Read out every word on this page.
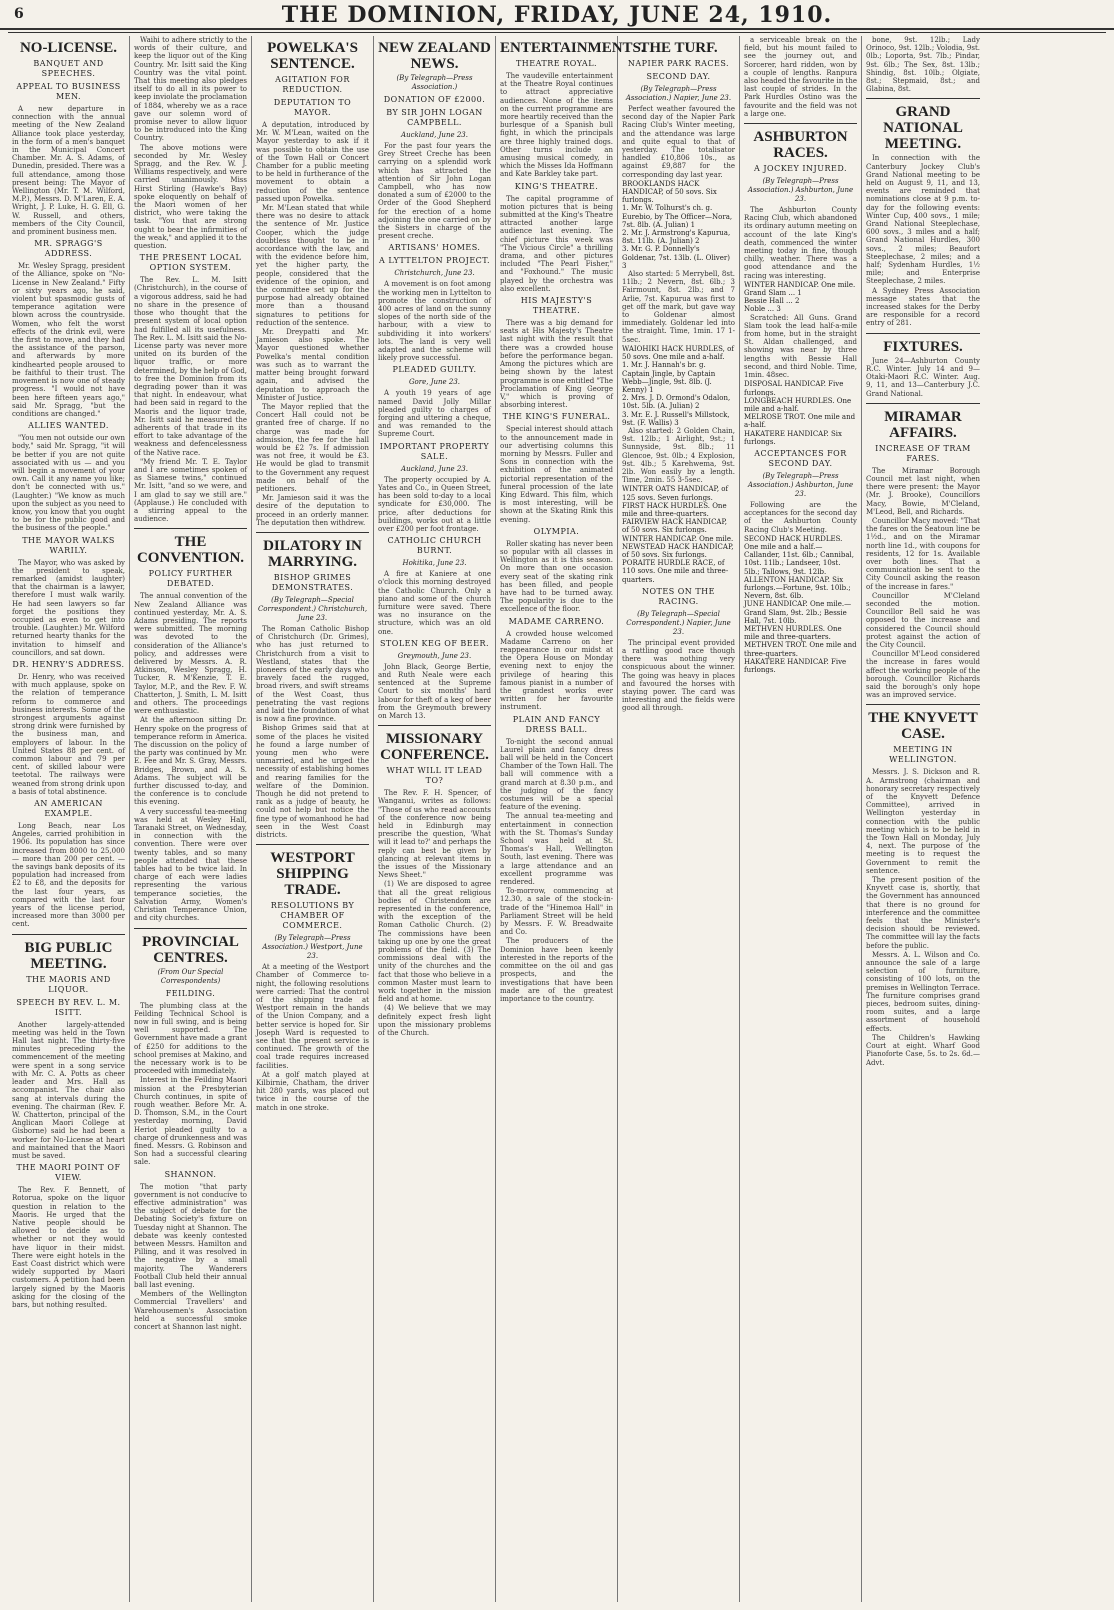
6	THE DOMINION, FRIDAY, JUNE 24, 1910.
NO-LICENSE.
BANQUET AND SPEECHES.
APPEAL TO BUSINESS MEN.

A new departure in connection with the annual meeting of the New Zealand Alliance took place yesterday, in the form of a men's banquet in the Municipal Concert Chamber. Mr. A. S. Adams, of Dunedin, presided. There was a full attendance, among those present being: The Mayor of Wellington (Mr. T. M. Wilford, M.P.), Messrs. D. M'Laren, E. A. Wright, J. P. Luke, H. G. Ell, G. W. Russell, and others, members of the City Council, and prominent business men.

MR. SPRAGG'S ADDRESS.

Mr. Wesley Spragg, president of the Alliance, spoke on "No-License in New Zealand." Fifty or sixty years ago, he said, violent but spasmodic gusts of temperance agitation were blown across the countryside. Women, who felt the worst effects of the drink evil, were the first to move, and they had the assistance of the parson, and afterwards by more kindhearted people aroused to be faithful to their trust. The movement is now one of steady progress. "I would not have been here fifteen years ago," said Mr. Spragg, "but the conditions are changed."

ALLIES WANTED.

"You men not outside our own body," said Mr. Spragg, "it will be better if you are not quite associated with us — and you will begin a movement of your own. Call it any name you like; don't be connected with us." (Laughter.) "We know as much upon the subject as you need to know, you know that you ought to be for the public good and the business of the people."

THE MAYOR WALKS WARILY.

The Mayor, who was asked by the president to speak, remarked (amidst laughter) that the chairman is a lawyer, therefore I must walk warily. He had seen lawyers so far forget the positions they occupied as even to get into trouble. (Laughter.) Mr. Wilford returned hearty thanks for the invitation to himself and councillors, and sat down.

DR. HENRY'S ADDRESS.

Dr. Henry, who was received with much applause, spoke on the relation of temperance reform to commerce and business interests. Some of the strongest arguments against strong drink were furnished by the business man, and employers of labour. In the United States 88 per cent. of common labour and 79 per cent. of skilled labour were teetotal. The railways were weaned from strong drink upon a basis of total abstinence.

AN AMERICAN EXAMPLE.

Long Beach, near Los Angeles, carried prohibition in 1906. Its population has since increased from 8000 to 25,000 — more than 200 per cent. — the savings bank deposits of its population had increased from £2 to £8, and the deposits for the last four years, as compared with the last four years of the license period, increased more than 3000 per cent.

BIG PUBLIC MEETING.
THE MAORIS AND LIQUOR.
SPEECH BY REV. L. M. ISITT.

Another largely-attended meeting was held in the Town Hall last night. The thirty-five minutes preceding the commencement of the meeting were spent in a song service with Mr. C. A. Potts as cheer leader and Mrs. Hall as accompanist. The chair also sang at intervals during the evening. The chairman (Rev. F. W. Chatterton, principal of the Anglican Maori College at Gisborne) said he had been a worker for No-License at heart and maintained that the Maori must be saved.

THE MAORI POINT OF VIEW.

The Rev. F. Bennett, of Rotorua, spoke on the liquor question in relation to the Maoris. He urged that the Native people should be allowed to decide as to whether or not they would have liquor in their midst. There were eight hotels in the East Coast district which were widely supported by Maori customers. A petition had been largely signed by the Maoris asking for the closing of the bars, but nothing resulted.

Waihi to adhere strictly to the words of their culture, and keep the liquor out of the King Country. Mr. Isitt said the King Country was the vital point. That this meeting also pledges itself to do all in its power to keep inviolate the proclamation of 1884, whereby we as a race gave our solemn word of promise never to allow liquor to be introduced into the King Country.

The above motions were seconded by Mr. Wesley Spragg, and the Rev. W. J. Williams respectively, and were carried unanimously. Miss Hirst Stirling (Hawke's Bay) spoke eloquently on behalf of the Maori women of her district, who were taking the task. "You that are strong ought to bear the infirmities of the weak," and applied it to the question.

THE PRESENT LOCAL OPTION SYSTEM.

The Rev. L. M. Isitt (Christchurch), in the course of a vigorous address, said he had no share in the presence of those who thought that the present system of local option had fulfilled all its usefulness. The Rev. L. M. Isitt said the No-License party was never more united on its burden of the liquor traffic, or more determined, by the help of God, to free the Dominion from its degrading power than it was that night. In endeavour, what had been said in regard to the Maoris and the liquor trade, Mr. Isitt said he measured the adherents of that trade in its effort to take advantage of the weakness and defencelessness of the Native race.

"My friend Mr. T. E. Taylor and I are sometimes spoken of as Siamese twins," continued Mr. Isitt, "and so we were, and I am glad to say we still are." (Applause.) He concluded with a stirring appeal to the audience.

THE CONVENTION.
POLICY FURTHER DEBATED.

The annual convention of the New Zealand Alliance was continued yesterday, Mr. A. S. Adams presiding. The reports were submitted. The morning was devoted to the consideration of the Alliance's policy, and addresses were delivered by Messrs. A. R. Atkinson, Wesley Spragg, H. Tucker, R. M'Kenzie, T. E. Taylor, M.P., and the Rev. F. W. Chatterton, J. Smith, L. M. Isitt and others. The proceedings were enthusiastic.

At the afternoon sitting Dr. Henry spoke on the progress of temperance reform in America. The discussion on the policy of the party was continued by Mr. E. Fee and Mr. S. Gray, Messrs. Bridges, Brown, and A. S. Adams. The subject will be further discussed to-day, and the conference is to conclude this evening.

A very successful tea-meeting was held at Wesley Hall, Taranaki Street, on Wednesday, in connection with the convention. There were over twenty tables, and so many people attended that these tables had to be twice laid. In charge of each were ladies representing the various temperance societies, the Salvation Army, Women's Christian Temperance Union, and city churches.

PROVINCIAL CENTRES.
(From Our Special Correspondents)
FEILDING.

The plumbing class at the Feilding Technical School is now in full swing, and is being well supported. The Government have made a grant of £250 for additions to the school premises at Makino, and the necessary work is to be proceeded with immediately.

Interest in the Feilding Maori mission at the Presbyterian Church continues, in spite of rough weather. Before Mr. A. D. Thomson, S.M., in the Court yesterday morning, David Heriot pleaded guilty to a charge of drunkenness and was fined. Messrs. G. Robinson and Son had a successful clearing sale.

SHANNON.

The motion "that party government is not conducive to effective administration" was the subject of debate for the Debating Society's fixture on Tuesday night at Shannon. The debate was keenly contested between Messrs. Hamilton and Pilling, and it was resolved in the negative by a small majority. The Wanderers Football Club held their annual ball last evening.

Members of the Wellington Commercial Travellers' and Warehousemen's Association held a successful smoke concert at Shannon last night.

POWELKA'S SENTENCE.
AGITATION FOR REDUCTION.
DEPUTATION TO MAYOR.

A deputation, introduced by Mr. W. M'Lean, waited on the Mayor yesterday to ask if it was possible to obtain the use of the Town Hall or Concert Chamber for a public meeting to be held in furtherance of the movement to obtain a reduction of the sentence passed upon Powelka.

Mr. M'Lean stated that while there was no desire to attack the sentence of Mr. Justice Cooper, which the judge doubtless thought to be in accordance with the law, and with the evidence before him, yet the higher party, the people, considered that the evidence of the opinion, and the committee set up for the purpose had already obtained more than a thousand signatures to petitions for reduction of the sentence.

Mr. Dreypatti and Mr. Jamieson also spoke. The Mayor questioned whether Powelka's mental condition was such as to warrant the matter being brought forward again, and advised the deputation to approach the Minister of Justice.

The Mayor replied that the Concert Hall could not be granted free of charge. If no charge was made for admission, the fee for the hall would be £2 7s. If admission was not free, it would be £3. He would be glad to transmit to the Government any request made on behalf of the petitioners.

Mr. Jamieson said it was the desire of the deputation to proceed in an orderly manner. The deputation then withdrew.

DILATORY IN MARRYING.
BISHOP GRIMES DEMONSTRATES.
(By Telegraph—Special Correspondent.) Christchurch, June 23.

The Roman Catholic Bishop of Christchurch (Dr. Grimes), who has just returned to Christchurch from a visit to Westland, states that the pioneers of the early days who bravely faced the rugged, broad rivers, and swift streams of the West Coast, thus penetrating the vast regions and laid the foundation of what is now a fine province.

Bishop Grimes said that at some of the places he visited he found a large number of young men who were unmarried, and he urged the necessity of establishing homes and rearing families for the welfare of the Dominion. Though he did not pretend to rank as a judge of beauty, he could not help but notice the fine type of womanhood he had seen in the West Coast districts.

WESTPORT SHIPPING TRADE.
RESOLUTIONS BY CHAMBER OF COMMERCE.
(By Telegraph—Press Association.) Westport, June 23.

At a meeting of the Westport Chamber of Commerce to-night, the following resolutions were carried: That the control of the shipping trade at Westport remain in the hands of the Union Company, and a better service is hoped for. Sir Joseph Ward is requested to see that the present service is continued. The growth of the coal trade requires increased facilities.

At a golf match played at Kilbirnie, Chatham, the driver hit 280 yards, was placed out twice in the course of the match in one stroke.

NEW ZEALAND NEWS.
(By Telegraph—Press Association.)
DONATION OF £2000.
BY SIR JOHN LOGAN CAMPBELL.
Auckland, June 23.

For the past four years the Grey Street Creche has been carrying on a splendid work which has attracted the attention of Sir John Logan Campbell, who has now donated a sum of £2000 to the Order of the Good Shepherd for the erection of a home adjoining the one carried on by the Sisters in charge of the present creche.

ARTISANS' HOMES.
A LYTTELTON PROJECT.
Christchurch, June 23.

A movement is on foot among the working men in Lyttelton to promote the construction of 400 acres of land on the sunny slopes of the north side of the harbour, with a view to subdividing it into workers' lots. The land is very well adapted and the scheme will likely prove successful.

PLEADED GUILTY.
Gore, June 23.

A youth 19 years of age named David Jolly Millar pleaded guilty to charges of forging and uttering a cheque, and was remanded to the Supreme Court.

IMPORTANT PROPERTY SALE.
Auckland, June 23.

The property occupied by A. Yates and Co., in Queen Street, has been sold to-day to a local syndicate for £30,000. The price, after deductions for buildings, works out at a little over £200 per foot frontage.

CATHOLIC CHURCH BURNT.
Hokitika, June 23.

A fire at Kaniere at one o'clock this morning destroyed the Catholic Church. Only a piano and some of the church furniture were saved. There was no insurance on the structure, which was an old one.

STOLEN KEG OF BEER.
Greymouth, June 23.

John Black, George Bertie, and Ruth Neale were each sentenced at the Supreme Court to six months' hard labour for theft of a keg of beer from the Greymouth brewery on March 13.

MISSIONARY CONFERENCE.
WHAT WILL IT LEAD TO?

The Rev. F. H. Spencer, of Wanganui, writes as follows: "Those of us who read accounts of the conference now being held in Edinburgh may prescribe the question, 'What will it lead to?' and perhaps the reply can best be given by glancing at relevant items in the issues of the Missionary News Sheet."

(1) We are disposed to agree that all the great religious bodies of Christendom are represented in the conference, with the exception of the Roman Catholic Church. (2) The commissions have been taking up one by one the great problems of the field. (3) The commissions deal with the unity of the churches and the fact that those who believe in a common Master must learn to work together in the mission field and at home.

(4) We believe that we may definitely expect fresh light upon the missionary problems of the Church.

ENTERTAINMENTS.
THEATRE ROYAL.

The vaudeville entertainment at the Theatre Royal continues to attract appreciative audiences. None of the items on the current programme are more heartily received than the burlesque of a Spanish bull fight, in which the principals are three highly trained dogs. Other turns include an amusing musical comedy, in which the Misses Ida Hoffmann and Kate Barkley take part.

KING'S THEATRE.

The capital programme of motion pictures that is being submitted at the King's Theatre attracted another large audience last evening. The chief picture this week was "The Vicious Circle" a thrilling drama, and other pictures included "The Pearl Fisher," and "Foxhound." The music played by the orchestra was also excellent.

HIS MAJESTY'S THEATRE.

There was a big demand for seats at His Majesty's Theatre last night with the result that there was a crowded house before the performance began. Among the pictures which are being shown by the latest programme is one entitled "The Proclamation of King George V," which is proving of absorbing interest.

THE KING'S FUNERAL.

Special interest should attach to the announcement made in our advertising columns this morning by Messrs. Fuller and Sons in connection with the exhibition of the animated pictorial representation of the funeral procession of the late King Edward. This film, which is most interesting, will be shown at the Skating Rink this evening.

OLYMPIA.

Roller skating has never been so popular with all classes in Wellington as it is this season. On more than one occasion every seat of the skating rink has been filled, and people have had to be turned away. The popularity is due to the excellence of the floor.

MADAME CARRENO.

A crowded house welcomed Madame Carreno on her reappearance in our midst at the Opera House on Monday evening next to enjoy the privilege of hearing this famous pianist in a number of the grandest works ever written for her favourite instrument.

PLAIN AND FANCY DRESS BALL.

To-night the second annual Laurel plain and fancy dress ball will be held in the Concert Chamber of the Town Hall. The ball will commence with a grand march at 8.30 p.m., and the judging of the fancy costumes will be a special feature of the evening.

The annual tea-meeting and entertainment in connection with the St. Thomas's Sunday School was held at St. Thomas's Hall, Wellington South, last evening. There was a large attendance and an excellent programme was rendered.

To-morrow, commencing at 12.30, a sale of the stock-in-trade of the "Hinemoa Hall" in Parliament Street will be held by Messrs. F. W. Breadwaite and Co.

The producers of the Dominion have been keenly interested in the reports of the committee on the oil and gas prospects, and the investigations that have been made are of the greatest importance to the country.

THE TURF.
NAPIER PARK RACES.
SECOND DAY.
(By Telegraph—Press Association.) Napier, June 23.

Perfect weather favoured the second day of the Napier Park Racing Club's Winter meeting, and the attendance was large and quite equal to that of yesterday. The totalisator handled £10,806 10s., as against £9,887 for the corresponding day last year.

BROOKLANDS HACK HANDICAP, of 50 sovs. Six furlongs.
1. Mr. W. Tolhurst's ch. g. Eurebio, by The Officer—Nora, 7st. 8lb. (A. Julian) 1
2. Mr. J. Armstrong's Kapurua, 8st. 11lb. (A. Julian) 2
3. Mr. G. P. Donnelly's Goldenar, 7st. 13lb. (L. Oliver) 3

Also started: 5 Merrybell, 8st. 11lb.; 2 Nevern, 8st. 6lb.; 3 Fairmount, 8st. 2lb.; and 7 Arlie, 7st. Kapurua was first to get off the mark, but gave way to Goldenar almost immediately. Goldenar led into the straight. Time, 1min. 17 1-5sec.

WAIOHIKI HACK HURDLES, of 50 sovs. One mile and a-half.
1. Mr. J. Hannah's br. g. Captain Jingle, by Captain Webb—Jingle, 9st. 8lb. (J. Kenny) 1
2. Mrs. J. D. Ormond's Odalon, 10st. 5lb. (A. Julian) 2
3. Mr. E. J. Russell's Millstock, 9st. (F. Wallis) 3

Also started: 2 Golden Chain, 9st. 12lb.; 1 Airlight, 9st.; 1 Sunnyside, 9st. 8lb.; 11 Glencoe, 9st. 0lb.; 4 Explosion, 9st. 4lb.; 5 Karehwema, 9st. 2lb. Won easily by a length. Time, 2min. 55 3-5sec.

WINTER OATS HANDICAP, of 125 sovs. Seven furlongs.
FIRST HACK HURDLES. One mile and three-quarters.
FAIRVIEW HACK HANDICAP, of 50 sovs. Six furlongs.
WINTER HANDICAP. One mile.
NEWSTEAD HACK HANDICAP, of 50 sovs. Six furlongs.
PORAITE HURDLE RACE, of 110 sovs. One mile and three-quarters.
NOTES ON THE RACING.
(By Telegraph—Special Correspondent.) Napier, June 23.

The principal event provided a rattling good race though there was nothing very conspicuous about the winner. The going was heavy in places and favoured the horses with staying power. The card was interesting and the fields were good all through.

a serviceable break on the field, but his mount failed to see the journey out, and Sorcerer, hard ridden, won by a couple of lengths. Ranpura also headed the favourite in the last couple of strides. In the Park Hurdles Ostino was the favourite and the field was not a large one.

ASHBURTON RACES.
A JOCKEY INJURED.
(By Telegraph—Press Association.) Ashburton, June 23.

The Ashburton County Racing Club, which abandoned its ordinary autumn meeting on account of the late King's death, commenced the winter meeting today in fine, though chilly, weather. There was a good attendance and the racing was interesting.

WINTER HANDICAP. One mile.
Grand Slam ... 1
Bessie Hall ... 2
Noble ... 3

Scratched: All Guns. Grand Slam took the lead half-a-mile from home, but in the straight St. Aldan challenged, and showing was near by three lengths with Bessie Hall second, and third Noble. Time, 1min. 48sec.

DISPOSAL HANDICAP. Five furlongs.
LONGBEACH HURDLES. One mile and a-half.
MELROSE TROT. One mile and a-half.
HAKATERE HANDICAP. Six furlongs.
ACCEPTANCES FOR SECOND DAY.
(By Telegraph—Press Association.) Ashburton, June 23.

Following are the acceptances for the second day of the Ashburton County Racing Club's Meeting.

SECOND HACK HURDLES. One mile and a half.—Callander, 11st. 6lb.; Cannibal, 10st. 11lb.; Landseer, 10st. 5lb.; Tallows, 9st. 12lb.
ALLENTON HANDICAP. Six furlongs.—Fortune, 9st. 10lb.; Nevern, 8st. 6lb.
JUNE HANDICAP. One mile.—Grand Slam, 9st. 2lb.; Bessie Hall, 7st. 10lb.
METHVEN HURDLES. One mile and three-quarters.
METHVEN TROT. One mile and three-quarters.
HAKATERE HANDICAP. Five furlongs.

bone, 9st. 12lb.; Lady Orinoco, 9st. 12lb.; Volodia, 9st. 0lb.; Loporta, 9st. 7lb.; Pindar, 9st. 6lb.; The Sex, 8st. 13lb.; Shindig, 8st. 10lb.; Olgiate, 8st.; Stepmaid, 8st.; and Glabina, 8st.

GRAND NATIONAL MEETING.

In connection with the Canterbury Jockey Club's Grand National meeting to be held on August 9, 11, and 13, events are reminded that nominations close at 9 p.m. to-day for the following events: Winter Cup, 400 sovs., 1 mile; Grand National Steeplechase, 600 sovs., 3 miles and a half; Grand National Hurdles, 300 sovs., 2 miles; Beaufort Steeplechase, 2 miles; and a half; Sydenham Hurdles, 1½ mile; and Enterprise Steeplechase, 2 miles.

A Sydney Press Association message states that the increased stakes for the Derby are responsible for a record entry of 281.

FIXTURES.

June 24—Ashburton County R.C. Winter. July 14 and 9—Otaki-Maori R.C. Winter. Aug. 9, 11, and 13—Canterbury J.C. Grand National.

MIRAMAR AFFAIRS.
INCREASE OF TRAM FARES.

The Miramar Borough Council met last night, when there were present: the Mayor (Mr. J. Brooke), Councillors Macy, Bowie, M'Cleland, M'Leod, Bell, and Richards.

Councillor Macy moved: "That the fares on the Seatoun line be 1½d., and on the Miramar north line 1d., with coupons for residents, 12 for 1s. Available over both lines. That a communication be sent to the City Council asking the reason of the increase in fares."

Councillor M'Cleland seconded the motion. Councillor Bell said he was opposed to the increase and considered the Council should protest against the action of the City Council.

Councillor M'Leod considered the increase in fares would affect the working people of the borough. Councillor Richards said the borough's only hope was an improved service.

THE KNYVETT CASE.
MEETING IN WELLINGTON.

Messrs. J. S. Dickson and R. A. Armstrong (chairman and honorary secretary respectively of the Knyvett Defence Committee), arrived in Wellington yesterday in connection with the public meeting which is to be held in the Town Hall on Monday, July 4, next. The purpose of the meeting is to request the Government to remit the sentence.

The present position of the Knyvett case is, shortly, that the Government has announced that there is no ground for interference and the committee feels that the Minister's decision should be reviewed. The committee will lay the facts before the public.

Messrs. A. L. Wilson and Co. announce the sale of a large selection of furniture, consisting of 100 lots, on the premises in Wellington Terrace. The furniture comprises grand pieces, bedroom suites, dining-room suites, and a large assortment of household effects.

The Children's Hawking Court at eight. Wharf Good Pianoforte Case, 5s. to 2s. 6d.—Advt.
